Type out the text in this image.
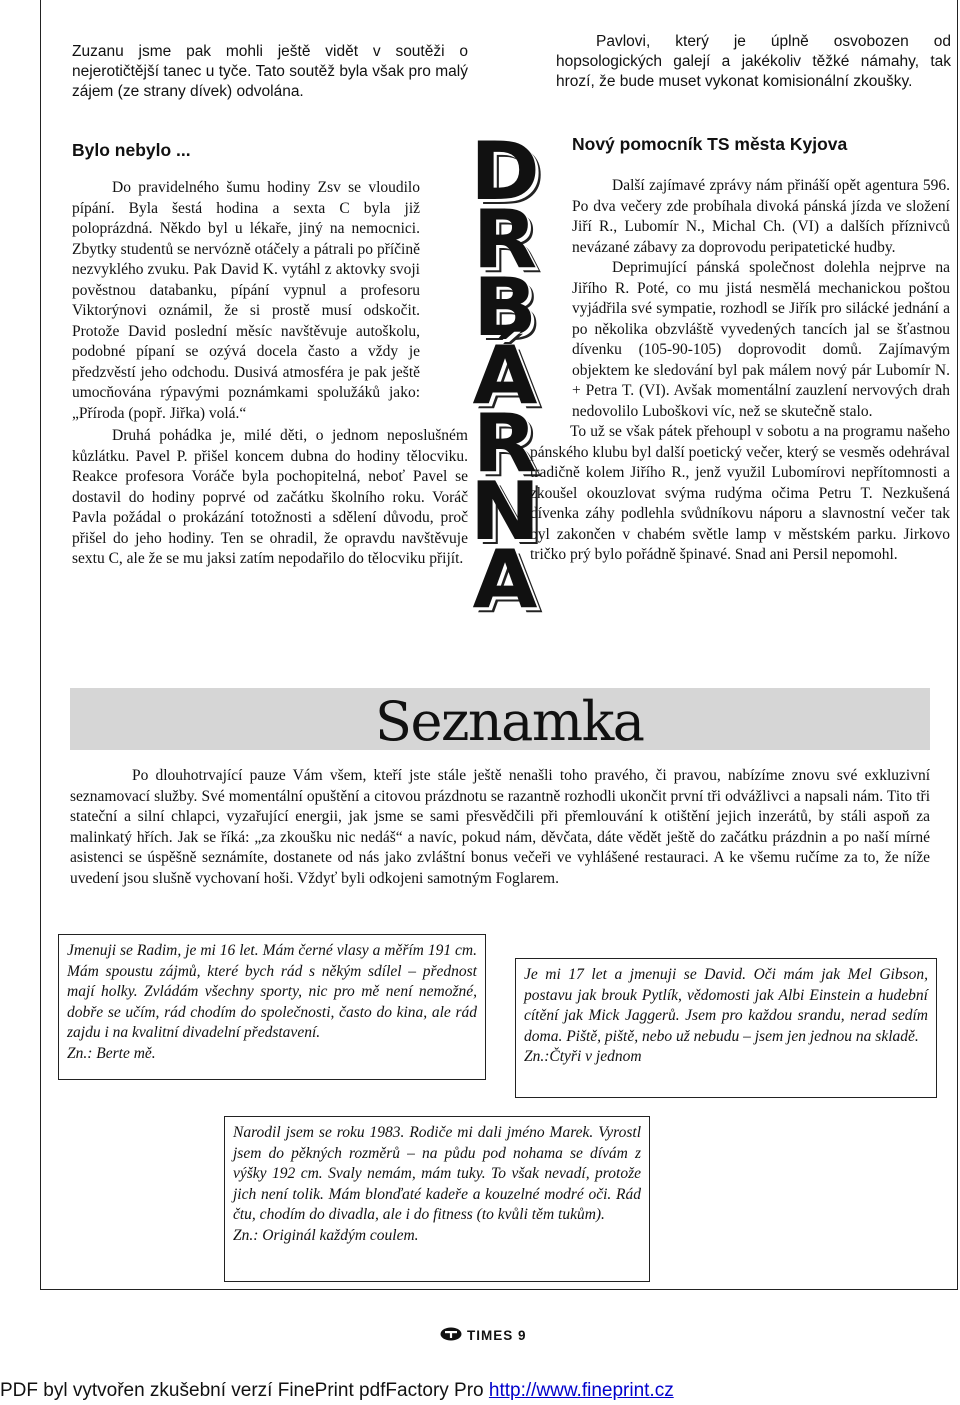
Zuzanu jsme pak mohli ještě vidět v soutěži o nejerotičtější tanec u tyče. Tato soutěž byla však pro malý zájem (ze strany dívek) odvolána.

Pavlovi, který je úplně osvobozen od hopsologických galejí a jakékoliv těžké námahy, tak hrozí, že bude muset vykonat komisionální zkoušky.

Bylo nebylo ...

Do pravidelného šumu hodiny Zsv se vloudilo pípání. Byla šestá hodina a sexta C byla již poloprázdná. Někdo byl u lékaře, jiný na nemocnici. Zbytky studentů se nervózně otáčely a pátrali po příčině nezvyklého zvuku. Pak David K. vytáhl z aktovky svoji pověstnou databanku, pípání vypnul a profesoru Viktorýnovi oznámil, že si prostě musí odskočit. Protože David poslední měsíc navštěvuje autoškolu, podobné pípaní se ozývá docela často a vždy je předzvěstí jeho odchodu. Dusivá atmosféra je pak ještě umocňována rýpavými poznámkami spolužáků jako: „Příroda (popř. Jiřka) volá.“

Druhá pohádka je, milé děti, o jednom neposlušném kůzlátku. Pavel P. přišel koncem dubna do hodiny tělocviku. Reakce profesora Voráče byla pochopitelná, neboť Pavel se dostavil do hodiny poprvé od začátku školního roku. Voráč Pavla požádal o prokázání totožnosti a sdělení důvodu, proč přišel do jeho hodiny. Ten se ohradil, že opravdu navštěvuje sextu C, ale že se mu jaksi zatím nepodařilo do tělocviku přijít.

D
R
B
Á
R
N
A
Nový pomocník TS města Kyjova

Další zajímavé zprávy nám přináší opět agentura 596. Po dva večery zde probíhala divoká pánská jízda ve složení Jiří R., Lubomír N., Michal Ch. (VI) a dalších příznivců nevázané zábavy za doprovodu peripatetické hudby.

Deprimující pánská společnost dolehla nejprve na Jiřího R. Poté, co mu jistá nesmělá mechanickou poštou vyjádřila své sympatie, rozhodl se Jiřík pro silácké jednání a po několika obzvláště vyvedených tancích jal se šťastnou dívenku (105-90-105) doprovodit domů. Zajímavým objektem ke sledování byl pak málem nový pár Lubomír N. + Petra T. (VI). Avšak momentální zauzlení nervových drah nedovolilo Luboškovi víc, než se skutečně stalo.

To už se však pátek přehoupl v sobotu a na programu našeho pánského klubu byl další poetický večer, který se vesměs odehrával tradičně kolem Jiřího R., jenž využil Lubomírovi nepřítomnosti a zkoušel okouzlovat svýma rudýma očima Petru T. Nezkušená dívenka záhy podlehla svůdníkovu náporu a slavnostní večer tak byl zakončen v chabém světle lamp v městském parku. Jirkovo tričko prý bylo pořádně špinavé. Snad ani Persil nepomohl.

Seznamka

Po dlouhotrvající pauze Vám všem, kteří jste stále ještě nenašli toho pravého, či pravou, nabízíme znovu své exkluzivní seznamovací služby. Své momentální opuštění a citovou prázdnotu se razantně rozhodli ukončit první tři odvážlivci a napsali nám. Tito tři stateční a silní chlapci, vyzařující energii, jak jsme se sami přesvědčili při přemlouvání k otištění jejich inzerátů, by stáli aspoň za malinkatý hřích. Jak se říká: „za zkoušku nic nedáš“ a navíc, pokud nám, děvčata, dáte vědět ještě do začátku prázdnin a po naší mírné asistenci se úspěšně seznámíte, dostanete od nás jako zvláštní bonus večeři ve vyhlášené restauraci. A ke všemu ručíme za to, že níže uvedení jsou slušně vychovaní hoši. Vždyť byli odkojeni samotným Foglarem.

Jmenuji se Radim, je mi 16 let. Mám černé vlasy a měřím 191 cm. Mám spoustu zájmů, které bych rád s někým sdílel – přednost mají holky. Zvládám všechny sporty, nic pro mě není nemožné, dobře se učím, rád chodím do společnosti, často do kina, ale rád zajdu i na kvalitní divadelní představení.

Zn.: Berte mě.

Je mi 17 let a jmenuji se David. Oči mám jak Mel Gibson, postavu jak brouk Pytlík, vědomosti jak Albi Einstein a hudební cítění jak Mick Jaggerů. Jsem pro každou srandu, nerad sedím doma. Piště, piště, nebo už nebudu – jsem jen jednou na skladě.

Zn.:Čtyři v jednom

Narodil jsem se roku 1983. Rodiče mi dali jméno Marek. Vyrostl jsem do pěkných rozměrů – na půdu pod nohama se dívám z výšky 192 cm. Svaly nemám, mám tuky. To však nevadí, protože jich není tolik. Mám blonďaté kadeře a kouzelné modré oči. Rád čtu, chodím do divadla, ale i do fitness (to kvůli těm tukům).

Zn.: Originál každým coulem.

TIMES 9
PDF byl vytvořen zkušební verzí FinePrint pdfFactory Pro http://www.fineprint.cz
